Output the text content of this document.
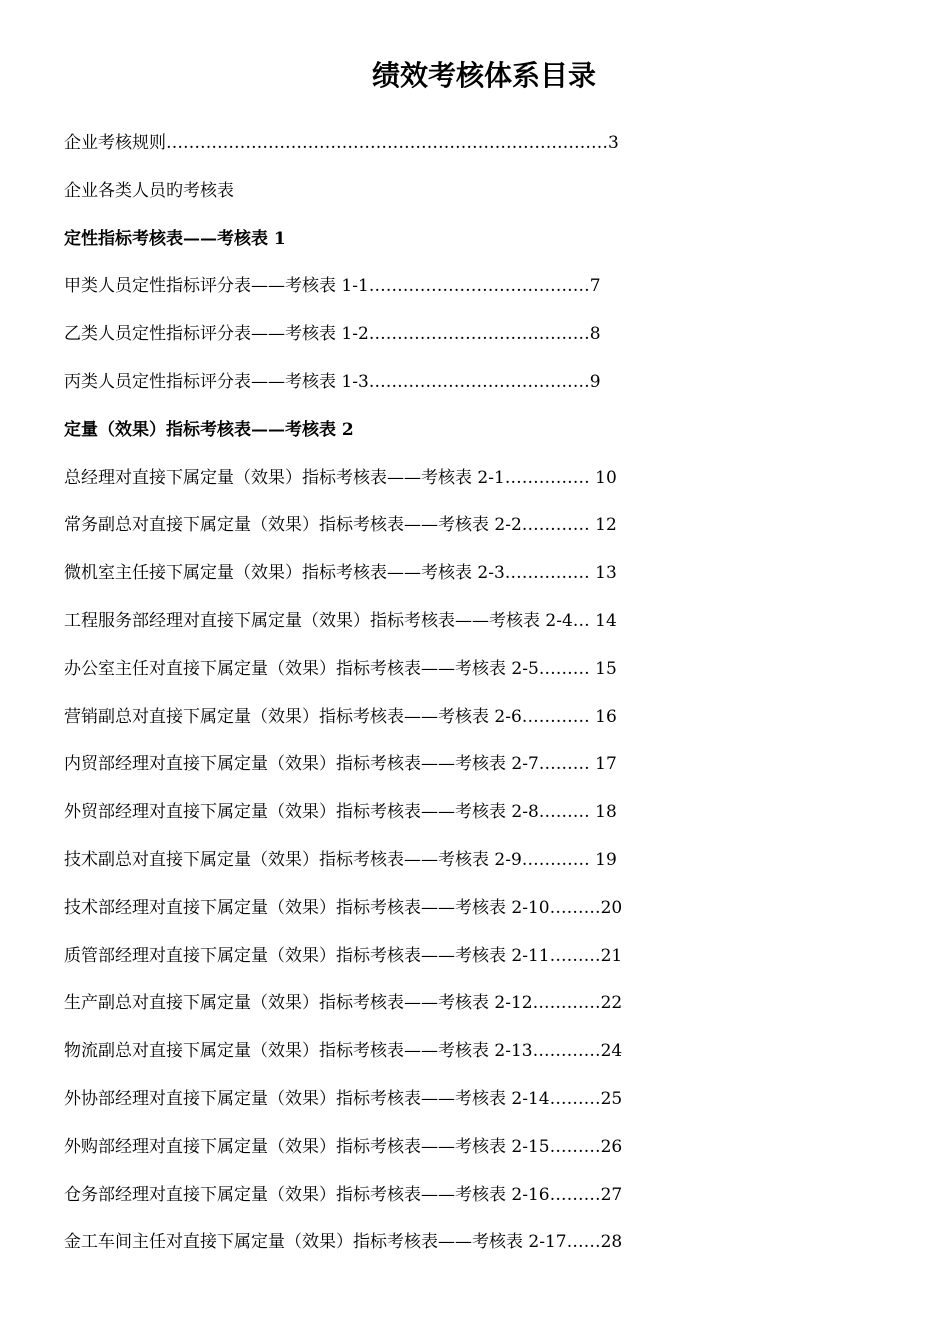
绩效考核体系目录
企业考核规则……………………………………………………………………3
企业各类人员旳考核表
定性指标考核表——考核表 1
甲类人员定性指标评分表——考核表 1-1…………………………………7
乙类人员定性指标评分表——考核表 1-2…………………………………8
丙类人员定性指标评分表——考核表 1-3…………………………………9
定量（效果）指标考核表——考核表 2
总经理对直接下属定量（效果）指标考核表——考核表 2-1…………… 10
常务副总对直接下属定量（效果）指标考核表——考核表 2-2………… 12
微机室主任接下属定量（效果）指标考核表——考核表 2-3…………… 13
工程服务部经理对直接下属定量（效果）指标考核表——考核表 2-4… 14
办公室主任对直接下属定量（效果）指标考核表——考核表 2-5……… 15
营销副总对直接下属定量（效果）指标考核表——考核表 2-6………… 16
内贸部经理对直接下属定量（效果）指标考核表——考核表 2-7……… 17
外贸部经理对直接下属定量（效果）指标考核表——考核表 2-8……… 18
技术副总对直接下属定量（效果）指标考核表——考核表 2-9………… 19
技术部经理对直接下属定量（效果）指标考核表——考核表 2-10………20
质管部经理对直接下属定量（效果）指标考核表——考核表 2-11………21
生产副总对直接下属定量（效果）指标考核表——考核表 2-12…………22
物流副总对直接下属定量（效果）指标考核表——考核表 2-13…………24
外协部经理对直接下属定量（效果）指标考核表——考核表 2-14………25
外购部经理对直接下属定量（效果）指标考核表——考核表 2-15………26
仓务部经理对直接下属定量（效果）指标考核表——考核表 2-16………27
金工车间主任对直接下属定量（效果）指标考核表——考核表 2-17……28
